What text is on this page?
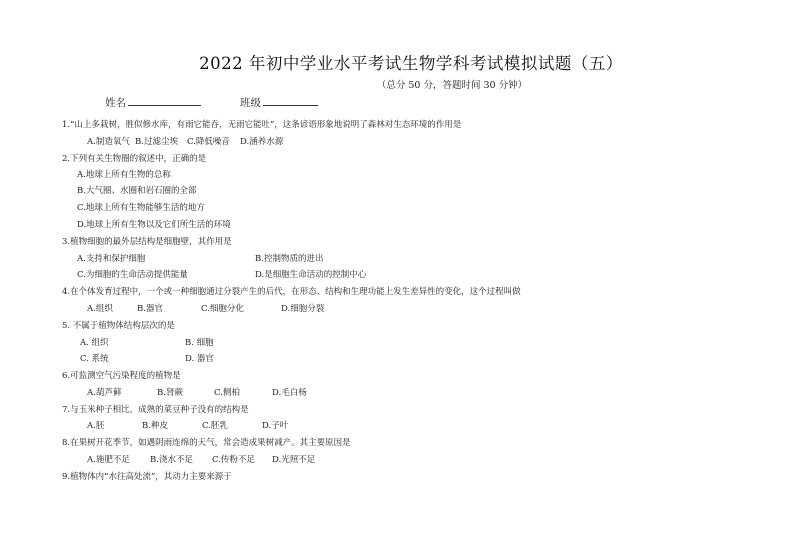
2022 年初中学业水平考试生物学科考试模拟试题（五）
（总分 50 分，答题时间 30 分钟）
姓名	班级
1.“山上多栽树，胜似修水库，有雨它能吞，无雨它能吐”，这条谚语形象地说明了森林对生态环境的作用是
A.制造氧气 B.过滤尘埃 C.降低噪音 D.涵养水源
2.下列有关生物圈的叙述中，正确的是
A.地球上所有生物的总称
B.大气圈、水圈和岩石圈的全部
C.地球上所有生物能够生活的地方
D.地球上所有生物以及它们所生活的环境
3.植物细胞的最外层结构是细胞壁，其作用是
A.支持和保护细胞	B.控制物质的进出
C.为细胞的生命活动提供能量	D.是细胞生命活动的控制中心
4.在个体发育过程中，一个或一种细胞通过分裂产生的后代，在形态、结构和生理功能上发生差异性的变化，这个过程叫做
A.组织	B.器官	C.细胞分化	D.细胞分裂
5. 不属于植物体结构层次的是
A. 组织	B. 细胞
C. 系统	D. 器官
6.可监测空气污染程度的植物是
A.葫芦藓	B.肾蕨	C.侧柏	D.毛白杨
7.与玉米种子相比，成熟的菜豆种子没有的结构是
A.胚	B.种皮	C.胚乳	D.子叶
8.在果树开花季节，如遇阴雨连绵的天气，常会造成果树减产。其主要原因是
A.施肥不足 B.浇水不足 C.传粉不足 D.光照不足
9.植物体内“水往高处流”，其动力主要来源于
